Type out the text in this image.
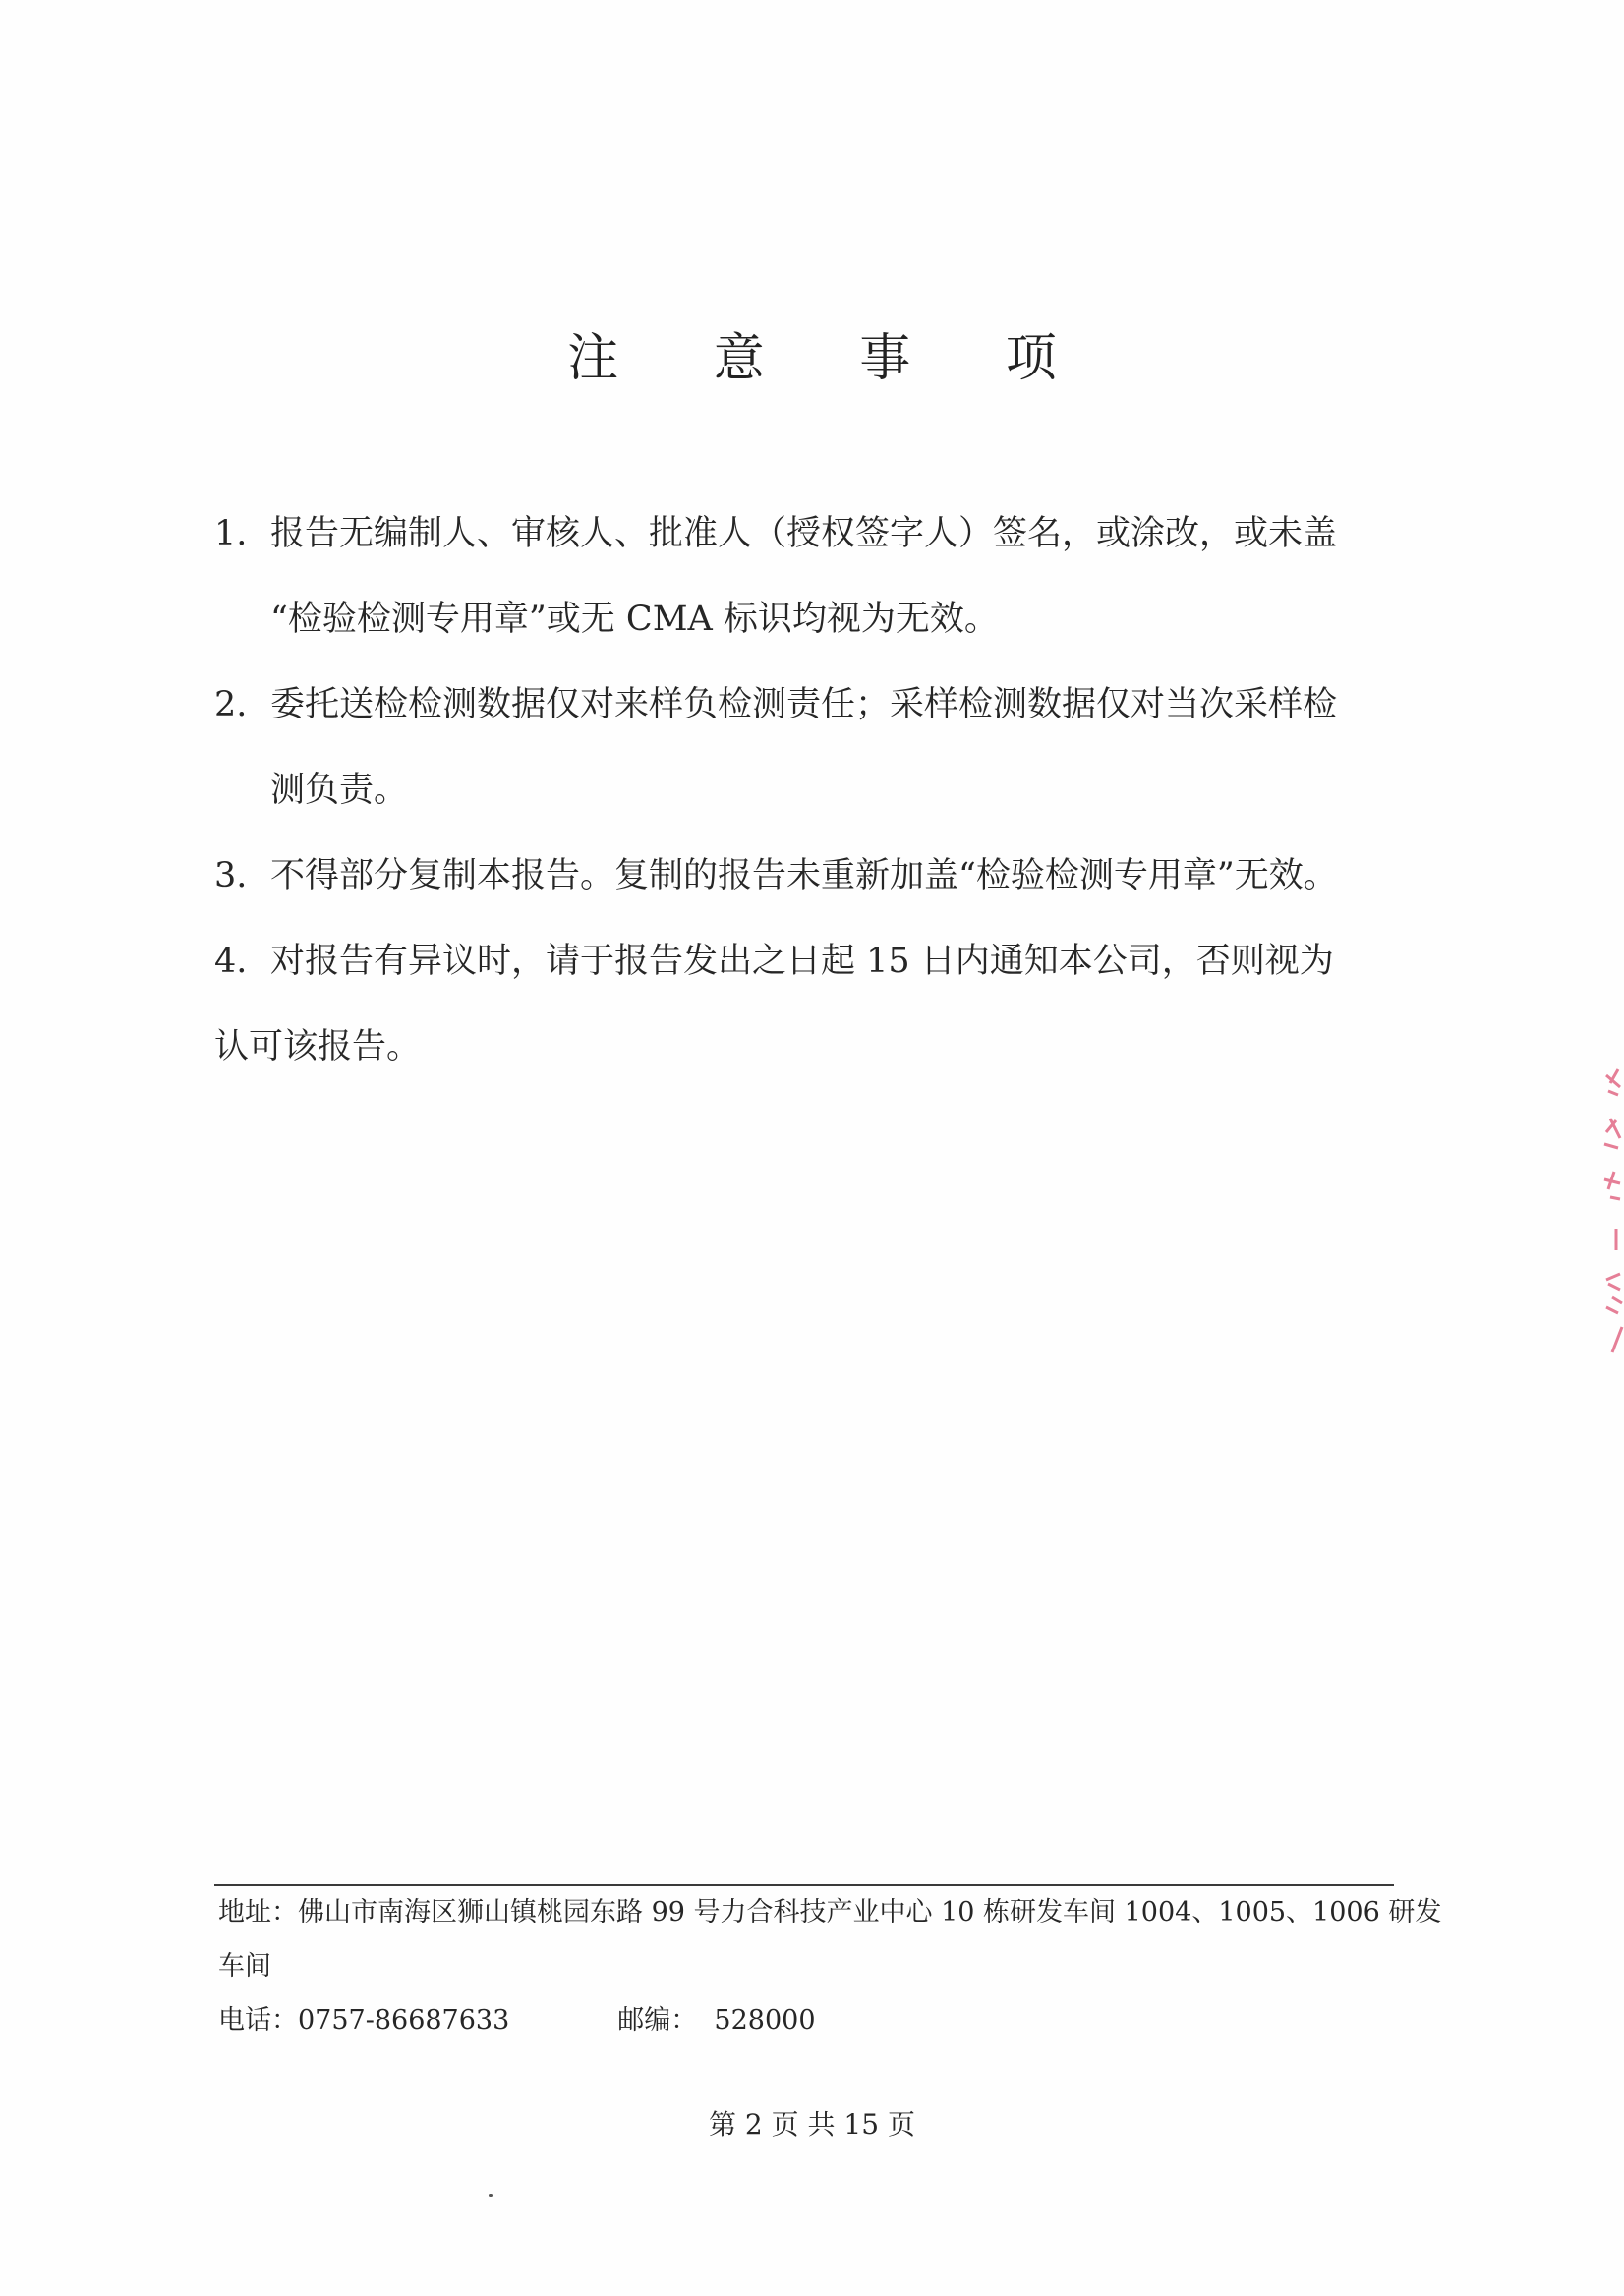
注 意 事 项
1. 报告无编制人、审核人、批准人（授权签字人）签名，或涂改，或未盖
“检验检测专用章”或无 CMA 标识均视为无效。
2. 委托送检检测数据仅对来样负检测责任；采样检测数据仅对当次采样检
测负责。
3. 不得部分复制本报告。复制的报告未重新加盖“检验检测专用章”无效。
4. 对报告有异议时，请于报告发出之日起 15 日内通知本公司，否则视为
认可该报告。
地址：佛山市南海区狮山镇桃园东路 99 号力合科技产业中心 10 栋研发车间 1004、1005、1006 研发
车间
电话：0757-86687633	邮编：  528000
第 2 页 共 15 页
